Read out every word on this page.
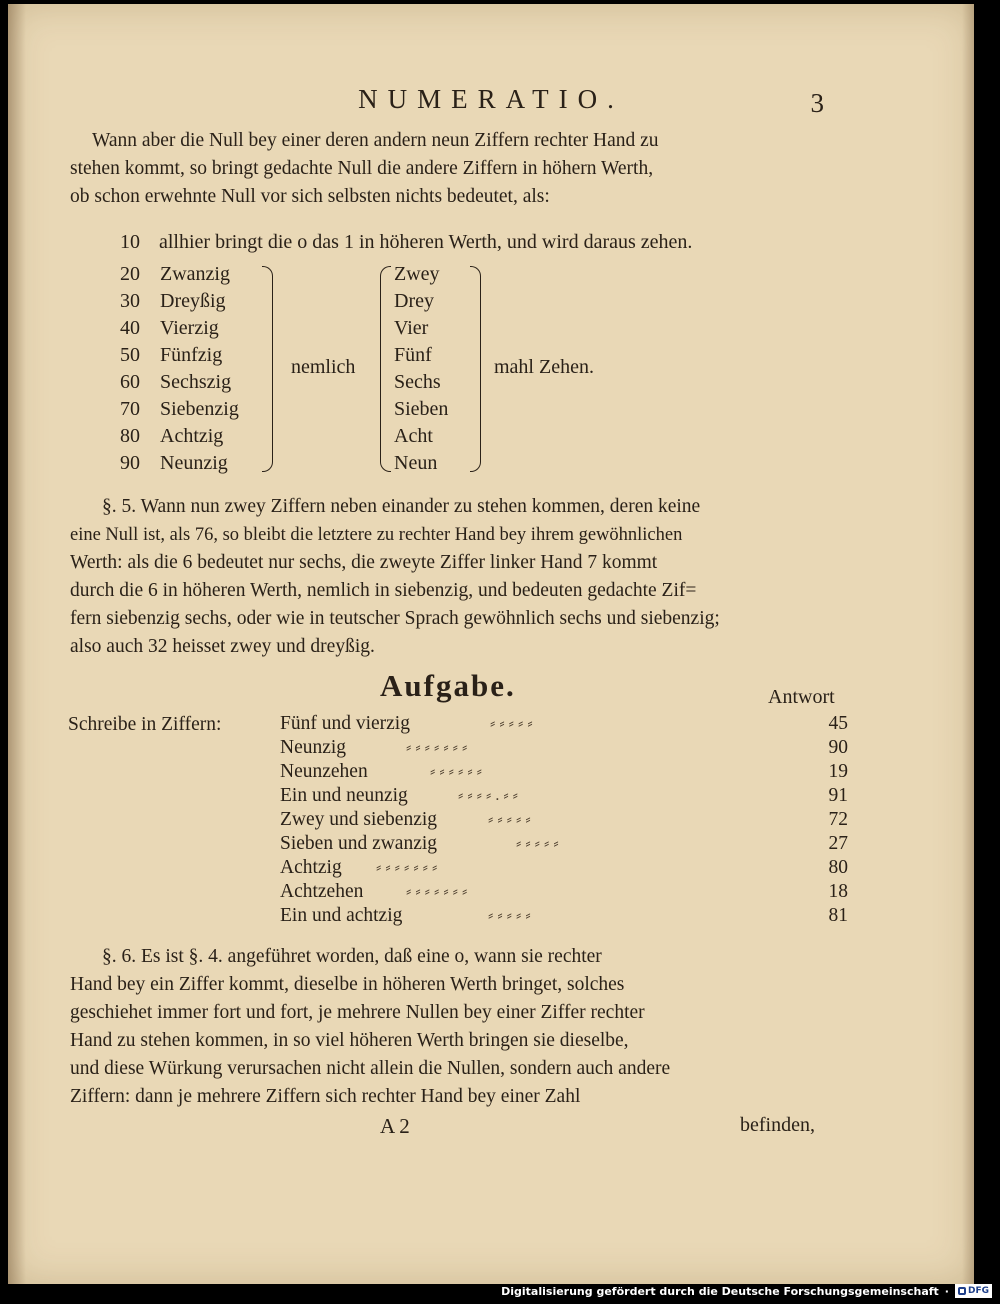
NUMERATIO.	3
Wann aber die Null bey einer deren andern neun Ziffern rechter Hand zu
stehen kommt, so bringt gedachte Null die andere Ziffern in höhern Werth,
ob schon erwehnte Null vor sich selbsten nichts bedeutet, als:
10 allhier bringt die o das 1 in höheren Werth, und wird daraus zehen.
20	Zwanzig
30	Dreyßig
40	Vierzig
50	Fünfzig
60	Sechszig
70	Siebenzig
80	Achtzig
90	Neunzig
nemlich
Zwey
Drey
Vier
Fünf
Sechs
Sieben
Acht
Neun
mahl Zehen.
§. 5. Wann nun zwey Ziffern neben einander zu stehen kommen, deren keine
eine Null ist, als 76, so bleibt die letztere zu rechter Hand bey ihrem gewöhnlichen
Werth: als die 6 bedeutet nur sechs, die zweyte Ziffer linker Hand 7 kommt
durch die 6 in höheren Werth, nemlich in siebenzig, und bedeuten gedachte Zif=
fern siebenzig sechs, oder wie in teutscher Sprach gewöhnlich sechs und siebenzig;
also auch 32 heisset zwey und dreyßig.
Aufgabe.	Antwort
Schreibe in Ziffern:	Fünf und vierzig	⸗ ⸗ ⸗ ⸗ ⸗	45
Neunzig	⸗ ⸗ ⸗ ⸗ ⸗ ⸗ ⸗	90
Neunzehen	⸗ ⸗ ⸗ ⸗ ⸗ ⸗	19
Ein und neunzig	⸗ ⸗ ⸗ ⸗ . ⸗ ⸗	91
Zwey und siebenzig	⸗ ⸗ ⸗ ⸗ ⸗	72
Sieben und zwanzig	⸗ ⸗ ⸗ ⸗ ⸗	27
Achtzig ⸗ ⸗ ⸗ ⸗ ⸗ ⸗ ⸗	80
Achtzehen	⸗ ⸗ ⸗ ⸗ ⸗ ⸗ ⸗	18
Ein und achtzig	⸗ ⸗ ⸗ ⸗ ⸗	81
§. 6. Es ist §. 4. angeführet worden, daß eine o, wann sie rechter
Hand bey ein Ziffer kommt, dieselbe in höheren Werth bringet, solches
geschiehet immer fort und fort, je mehrere Nullen bey einer Ziffer rechter
Hand zu stehen kommen, in so viel höheren Werth bringen sie dieselbe,
und diese Würkung verursachen nicht allein die Nullen, sondern auch andere
Ziffern: dann je mehrere Ziffern sich rechter Hand bey einer Zahl
A 2	befinden,
Digitalisierung gefördert durch die Deutsche Forschungsgemeinschaft · DFG
